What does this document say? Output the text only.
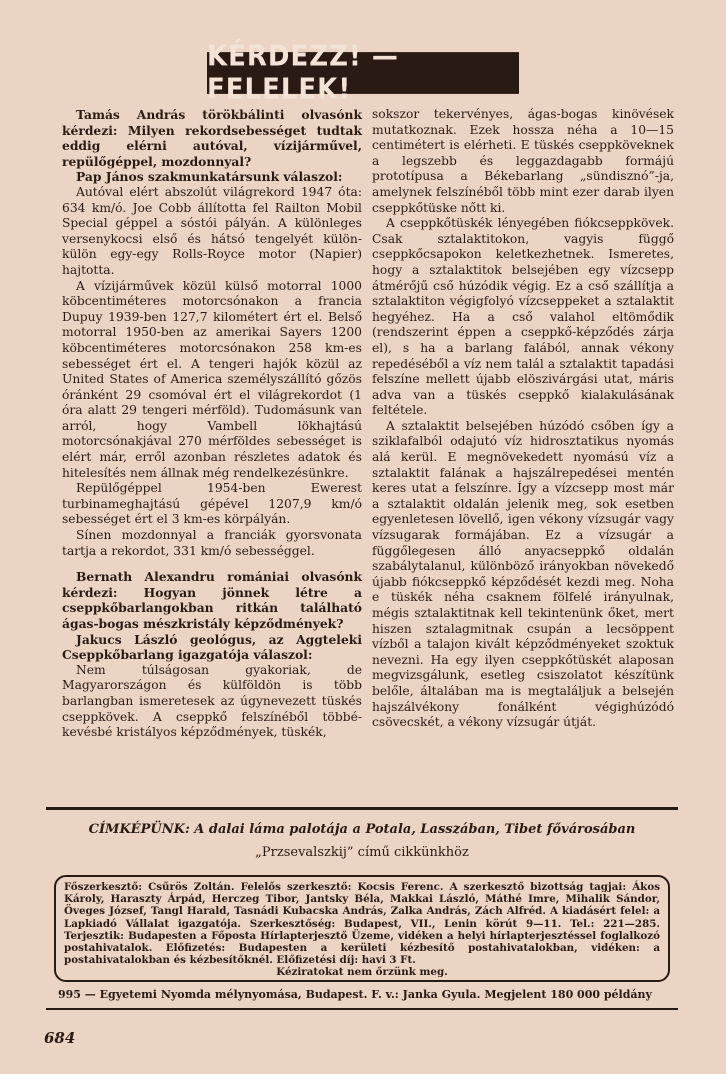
KÉRDEZZ! — FELELEK!

Tamás András törökbálinti olvasónk kérdezi: Milyen rekordsebességet tudtak eddig elérni autóval, vízijárművel, repülőgéppel, mozdonnyal?

Pap János szakmunkatársunk válaszol:

Autóval elért abszolút világrekord 1947 óta: 634 km/ó. Joe Cobb állította fel Railton Mobil Special géppel a sóstói pályán. A különleges versenykocsi első és hátsó tengelyét külön-külön egy-egy Rolls-Royce motor (Napier) hajtotta.

A vízijárművek közül külső motorral 1000 köbcentiméteres motorcsónakon a francia Dupuy 1939-ben 127,7 kilométert ért el. Belső motorral 1950-ben az amerikai Sayers 1200 köbcentiméteres motorcsónakon 258 km-es sebességet ért el. A tengeri hajók közül az United States of America személyszállító gőzös óránként 29 csomóval ért el világrekordot (1 óra alatt 29 tengeri mérföld). Tudomásunk van arról, hogy Vambell lökhajtású motorcsónakjával 270 mérföldes sebességet is elért már, erről azonban részletes adatok és hitelesítés nem állnak még rendelkezésünkre.

Repülőgéppel 1954-ben Ewerest turbinameghajtású gépével 1207,9 km/ó sebességet ért el 3 km-es körpályán.

Sínen mozdonnyal a franciák gyorsvonata tartja a rekordot, 331 km/ó sebességgel.

Bernath Alexandru romániai olvasónk kérdezi: Hogyan jönnek létre a cseppkőbarlangokban ritkán található ágas-bogas mészkristály képződmények?

Jakucs László geológus, az Aggteleki Cseppkőbarlang igazgatója válaszol:

Nem túlságosan gyakoriak, de Magyarországon és külföldön is több barlangban ismeretesek az úgynevezett tüskés cseppkövek. A cseppkő felszínéből többé-kevésbé kristályos képződmények, tüskék,

sokszor tekervényes, ágas-bogas kinövések mutatkoznak. Ezek hossza néha a 10—15 centimétert is elérheti. E tüskés cseppköveknek a legszebb és leggazdagabb formájú prototípusa a Békebarlang „sündisznó”-ja, amelynek felszínéből több mint ezer darab ilyen cseppkőtüske nőtt ki.

A cseppkőtüskék lényegében fiókcseppkövek. Csak sztalaktitokon, vagyis függő cseppkőcsapokon keletkezhetnek. Ismeretes, hogy a sztalaktitok belsejében egy vízcsepp átmérőjű cső húzódik végig. Ez a cső szállítja a sztalaktiton végigfolyó vízcseppeket a sztalaktit hegyéhez. Ha a cső valahol eltömődik (rendszerint éppen a cseppkő-képződés zárja el), s ha a barlang falából, annak vékony repedéséből a víz nem talál a sztalaktit tapadási felszíne mellett újabb elöszivárgási utat, máris adva van a tüskés cseppkő kialakulásának feltétele.

A sztalaktit belsejében húzódó csőben így a sziklafalból odajutó víz hidrosztatikus nyomás alá kerül. E megnövekedett nyomású víz a sztalaktit falának a hajszálrepedései mentén keres utat a felszínre. Így a vízcsepp most már a sztalaktit oldalán jelenik meg, sok esetben egyenletesen lövellő, igen vékony vízsugár vagy vízsugarak formájában. Ez a vízsugár a függőlegesen álló anyacseppkő oldalán szabálytalanul, különböző irányokban növekedő újabb fiókcseppkő képződését kezdi meg. Noha e tüskék néha csaknem fölfelé irányulnak, mégis sztalaktitnak kell tekintenünk őket, mert hiszen sztalagmitnak csupán a lecsöppent vízből a talajon kivált képződményeket szoktuk nevezni. Ha egy ilyen cseppkőtüskét alaposan megvizsgálunk, esetleg csiszolatot készítünk belőle, általában ma is megtaláljuk a belsején hajszálvékony fonálként végighúzódó csövecskét, a vékony vízsugár útját.

CÍMKÉPÜNK: A dalai láma palotája a Potala, Lasszában, Tibet fővárosában
„Przsevalszkij” című cikkünkhöz
Főszerkesztő: Csűrös Zoltán. Felelős szerkesztő: Kocsis Ferenc. A szerkesztő bizottság tagjai: Ákos Károly, Haraszty Árpád, Herczeg Tibor, Jantsky Béla, Makkai László, Máthé Imre, Mihalik Sándor, Öveges József, Tangl Harald, Tasnádi Kubacska András, Zalka András, Zách Alfréd. A kiadásért felel: a Lapkiadó Vállalat igazgatója. Szerkesztőség: Budapest, VII., Lenin körút 9—11. Tel.: 221—285. Terjesztik: Budapesten a Főposta Hírlapterjesztő Üzeme, vidéken a helyi hírlapterjesztéssel foglalkozó postahivatalok. Előfizetés: Budapesten a kerületi kézbesítő postahivatalokban, vidéken: a postahivatalokban és kézbesítőknél. Előfizetési díj: havi 3 Ft.
Kéziratokat nem őrzünk meg.
995 — Egyetemi Nyomda mélynyomása, Budapest. F. v.: Janka Gyula. Megjelent 180 000 példány
684
